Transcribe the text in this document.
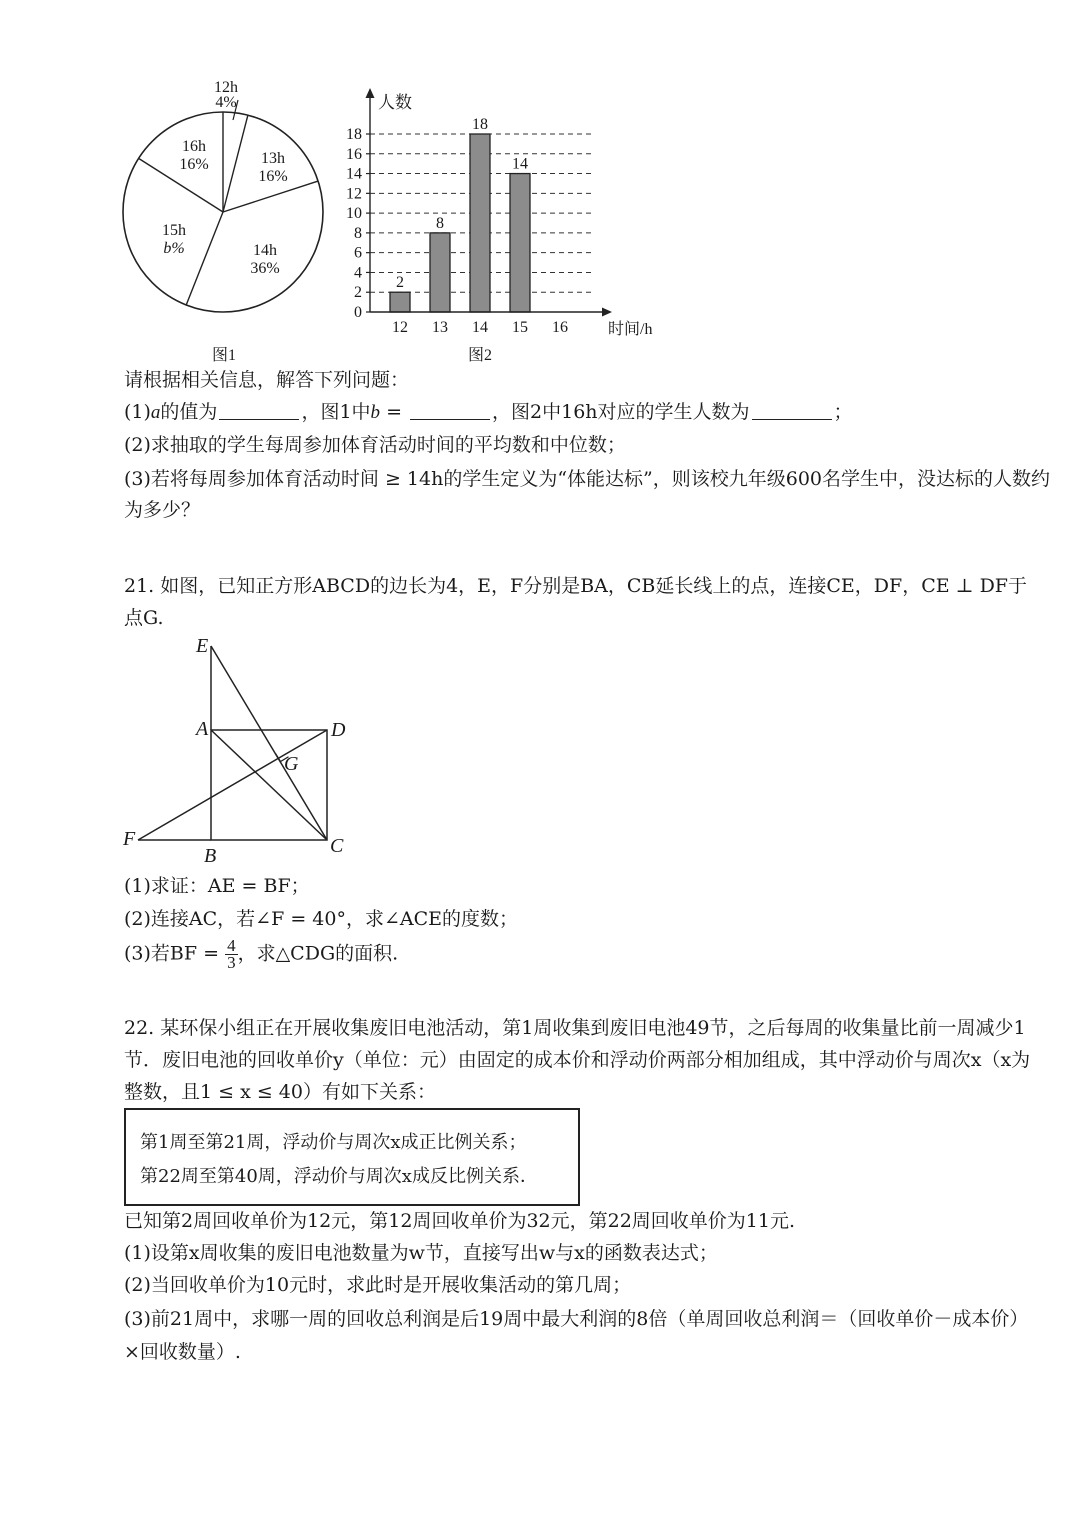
12h
4%
13h
16%
14h
36%
15h
b%
16h
16%
图1
2
8
18
14
人数
时间/h
0
2
4
6
8
10
12
14
16
18
12 13 14 15 16
图2
请根据相关信息，解答下列问题：
(1)a的值为	，图1中b =	，图2中16h对应的学生人数为	；
(2)求抽取的学生每周参加体育活动时间的平均数和中位数；
(3)若将每周参加体育活动时间 ≥ 14h的学生定义为“体能达标”，则该校九年级600名学生中，没达标的人数约
为多少？
21. 如图，已知正方形ABCD的边长为4，E，F分别是BA，CB延长线上的点，连接CE，DF，CE ⊥ DF于
点G.
E
A	D
G
F
B	C
(1)求证：AE = BF；
(2)连接AC，若∠F = 40°，求∠ACE的度数；
(3)若BF = $\frac{4}{3}$ ，求△CDG的面积.
22. 某环保小组正在开展收集废旧电池活动，第1周收集到废旧电池49节，之后每周的收集量比前一周减少1
节．废旧电池的回收单价y（单位：元）由固定的成本价和浮动价两部分相加组成，其中浮动价与周次x（x为
整数，且1 ≤ x ≤ 40）有如下关系：
第1周至第21周，浮动价与周次x成正比例关系；
第22周至第40周，浮动价与周次x成反比例关系．
已知第2周回收单价为12元，第12周回收单价为32元，第22周回收单价为11元.
(1)设第x周收集的废旧电池数量为w节，直接写出w与x的函数表达式；
(2)当回收单价为10元时，求此时是开展收集活动的第几周；
(3)前21周中，求哪一周的回收总利润是后19周中最大利润的8倍（单周回收总利润＝（回收单价－成本价）
×回收数量）.
